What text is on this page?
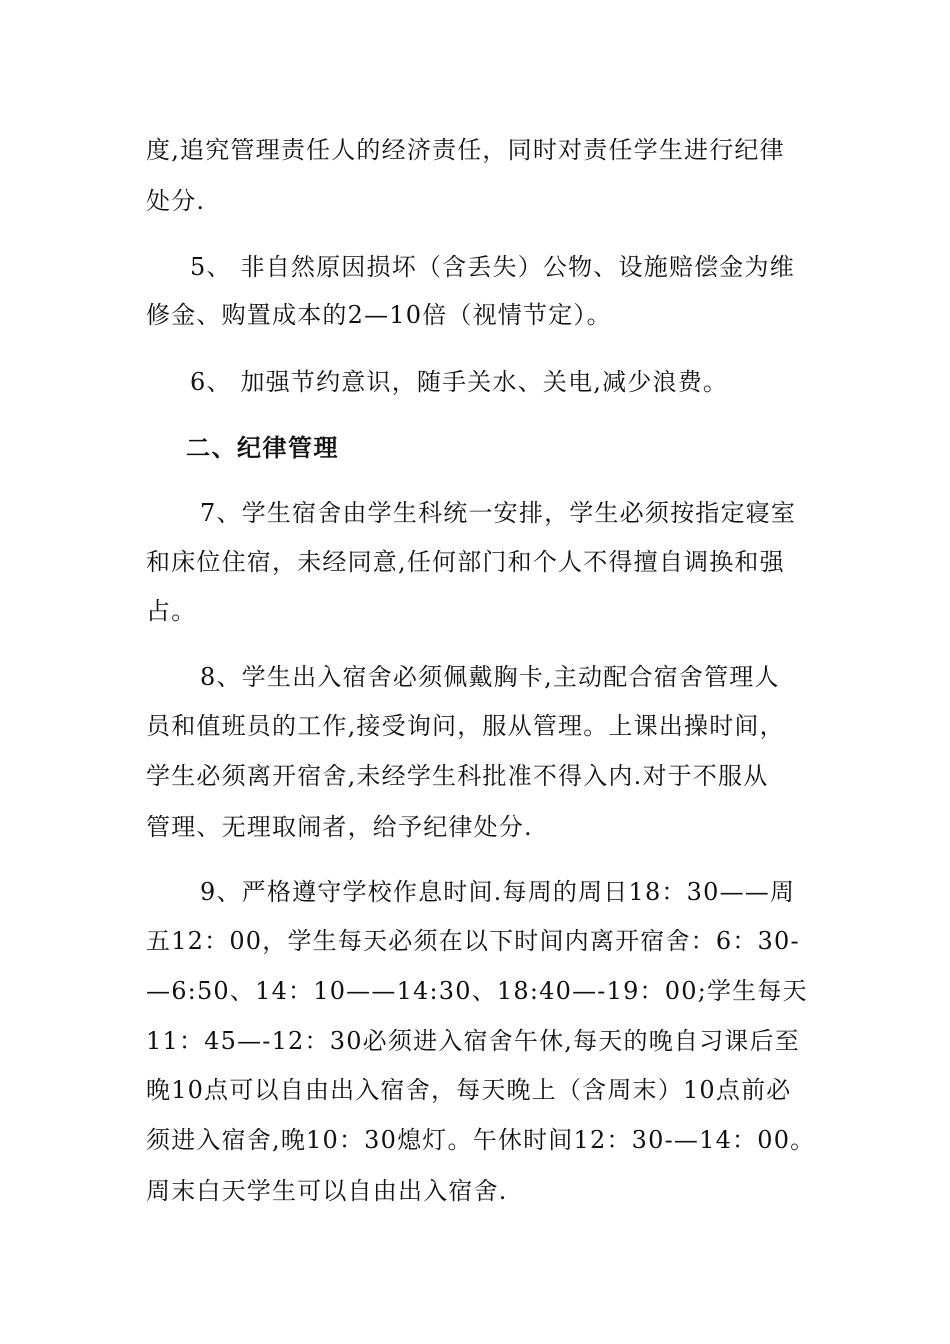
度,追究管理责任人的经济责任，同时对责任学生进行纪律
处分.
5、 非自然原因损坏（含丢失）公物、设施赔偿金为维
修金、购置成本的2—10倍（视情节定）。
6、 加强节约意识，随手关水、关电,减少浪费。
二、纪律管理
7、学生宿舍由学生科统一安排，学生必须按指定寝室
和床位住宿，未经同意,任何部门和个人不得擅自调换和强
占。
8、学生出入宿舍必须佩戴胸卡,主动配合宿舍管理人
员和值班员的工作,接受询问，服从管理。上课出操时间，
学生必须离开宿舍,未经学生科批准不得入内.对于不服从
管理、无理取闹者，给予纪律处分.
9、严格遵守学校作息时间.每周的周日18：30——周
五12：00，学生每天必须在以下时间内离开宿舍：6：30-
—6:50、14：10——14:30、18:40—-19：00;学生每天
11：45—-12：30必须进入宿舍午休,每天的晚自习课后至
晚10点可以自由出入宿舍，每天晚上（含周末）10点前必
须进入宿舍,晚10：30熄灯。午休时间12：30-—14：00。
周末白天学生可以自由出入宿舍.
